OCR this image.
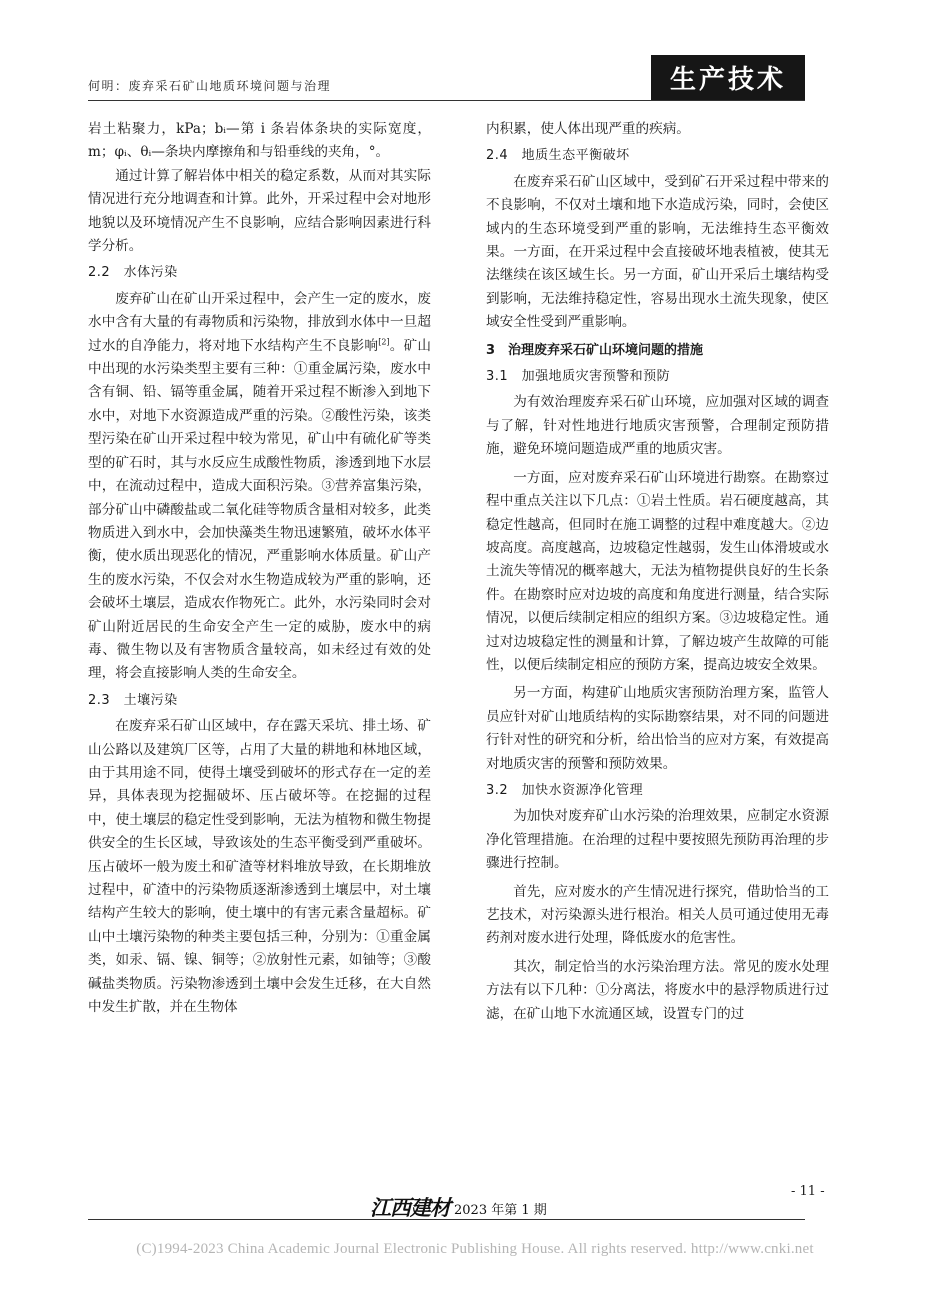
何明：废弃采石矿山地质环境问题与治理	生产技术

岩土粘聚力，kPa；bᵢ—第 i 条岩体条块的实际宽度，m；φᵢ、θᵢ—条块内摩擦角和与铅垂线的夹角，°。

通过计算了解岩体中相关的稳定系数，从而对其实际情况进行充分地调查和计算。此外，开采过程中会对地形地貌以及环境情况产生不良影响，应结合影响因素进行科学分析。

2.2　水体污染

废弃矿山在矿山开采过程中，会产生一定的废水，废水中含有大量的有毒物质和污染物，排放到水体中一旦超过水的自净能力，将对地下水结构产生不良影响[2]。矿山中出现的水污染类型主要有三种：①重金属污染，废水中含有铜、铅、镉等重金属，随着开采过程不断渗入到地下水中，对地下水资源造成严重的污染。②酸性污染，该类型污染在矿山开采过程中较为常见，矿山中有硫化矿等类型的矿石时，其与水反应生成酸性物质，渗透到地下水层中，在流动过程中，造成大面积污染。③营养富集污染，部分矿山中磷酸盐或二氧化硅等物质含量相对较多，此类物质进入到水中，会加快藻类生物迅速繁殖，破坏水体平衡，使水质出现恶化的情况，严重影响水体质量。矿山产生的废水污染，不仅会对水生物造成较为严重的影响，还会破坏土壤层，造成农作物死亡。此外，水污染同时会对矿山附近居民的生命安全产生一定的威胁，废水中的病毒、微生物以及有害物质含量较高，如未经过有效的处理，将会直接影响人类的生命安全。

2.3　土壤污染

在废弃采石矿山区域中，存在露天采坑、排土场、矿山公路以及建筑厂区等，占用了大量的耕地和林地区域，由于其用途不同，使得土壤受到破坏的形式存在一定的差异，具体表现为挖掘破坏、压占破坏等。在挖掘的过程中，使土壤层的稳定性受到影响，无法为植物和微生物提供安全的生长区域，导致该处的生态平衡受到严重破坏。压占破坏一般为废土和矿渣等材料堆放导致，在长期堆放过程中，矿渣中的污染物质逐渐渗透到土壤层中，对土壤结构产生较大的影响，使土壤中的有害元素含量超标。矿山中土壤污染物的种类主要包括三种，分别为：①重金属类，如汞、镉、镍、铜等；②放射性元素，如铀等；③酸碱盐类物质。污染物渗透到土壤中会发生迁移，在大自然中发生扩散，并在生物体

内积累，使人体出现严重的疾病。

2.4　地质生态平衡破坏

在废弃采石矿山区域中，受到矿石开采过程中带来的不良影响，不仅对土壤和地下水造成污染，同时，会使区域内的生态环境受到严重的影响，无法维持生态平衡效果。一方面，在开采过程中会直接破坏地表植被，使其无法继续在该区域生长。另一方面，矿山开采后土壤结构受到影响，无法维持稳定性，容易出现水土流失现象，使区域安全性受到严重影响。

3　治理废弃采石矿山环境问题的措施
3.1　加强地质灾害预警和预防

为有效治理废弃采石矿山环境，应加强对区域的调查与了解，针对性地进行地质灾害预警，合理制定预防措施，避免环境问题造成严重的地质灾害。

一方面，应对废弃采石矿山环境进行勘察。在勘察过程中重点关注以下几点：①岩土性质。岩石硬度越高，其稳定性越高，但同时在施工调整的过程中难度越大。②边坡高度。高度越高，边坡稳定性越弱，发生山体滑坡或水土流失等情况的概率越大，无法为植物提供良好的生长条件。在勘察时应对边坡的高度和角度进行测量，结合实际情况，以便后续制定相应的组织方案。③边坡稳定性。通过对边坡稳定性的测量和计算，了解边坡产生故障的可能性，以便后续制定相应的预防方案，提高边坡安全效果。

另一方面，构建矿山地质灾害预防治理方案，监管人员应针对矿山地质结构的实际勘察结果，对不同的问题进行针对性的研究和分析，给出恰当的应对方案，有效提高对地质灾害的预警和预防效果。

3.2　加快水资源净化管理

为加快对废弃矿山水污染的治理效果，应制定水资源净化管理措施。在治理的过程中要按照先预防再治理的步骤进行控制。

首先，应对废水的产生情况进行探究，借助恰当的工艺技术，对污染源头进行根治。相关人员可通过使用无毒药剂对废水进行处理，降低废水的危害性。

其次，制定恰当的水污染治理方法。常见的废水处理方法有以下几种：①分离法，将废水中的悬浮物质进行过滤，在矿山地下水流通区域，设置专门的过

- 11 -
江西建材 2023 年第 1 期
(C)1994-2023 China Academic Journal Electronic Publishing House. All rights reserved. http://www.cnki.net
